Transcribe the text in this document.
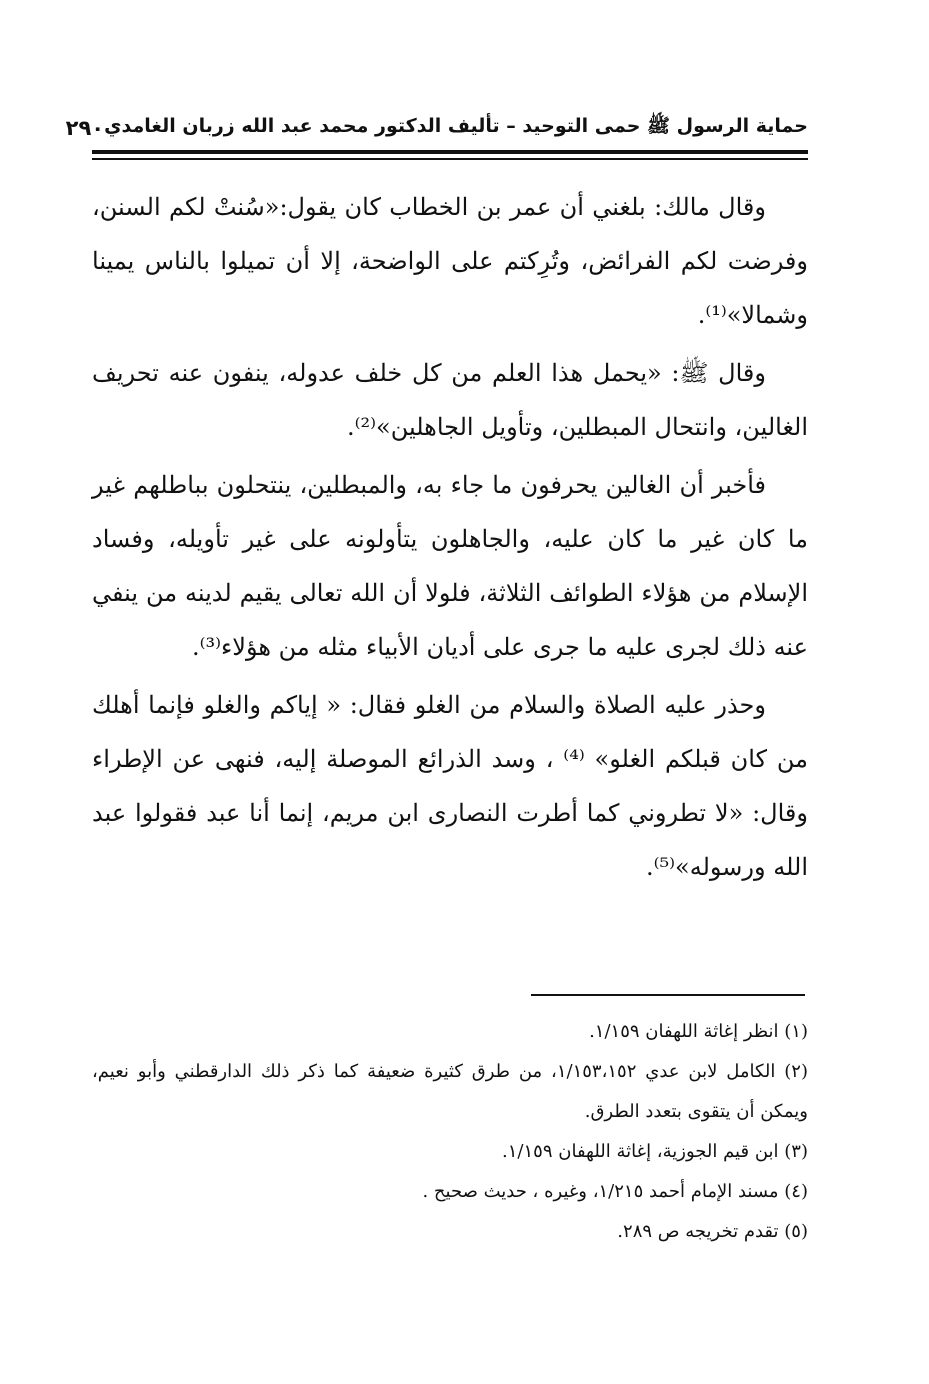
حماية الرسول ﷺ حمى التوحيد – تأليف الدكتور محمد عبد الله زربان الغامدي
٢٩٠

وقال مالك: بلغني أن عمر بن الخطاب كان يقول:«سُنتْ لكم السنن، وفرضت لكم الفرائض، وتُرِكتم على الواضحة، إلا أن تميلوا بالناس يمينا وشمالا»⁽¹⁾.

وقال ﷺ: «يحمل هذا العلم من كل خلف عدوله، ينفون عنه تحريف الغالين، وانتحال المبطلين، وتأويل الجاهلين»⁽²⁾.

فأخبر أن الغالين يحرفون ما جاء به، والمبطلين، ينتحلون بباطلهم غير ما كان غير ما كان عليه، والجاهلون يتأولونه على غير تأويله، وفساد الإسلام من هؤلاء الطوائف الثلاثة، فلولا أن الله تعالى يقيم لدينه من ينفي عنه ذلك لجرى عليه ما جرى على أديان الأبياء مثله من هؤلاء⁽³⁾.

وحذر عليه الصلاة والسلام من الغلو فقال: « إياكم والغلو فإنما أهلك من كان قبلكم الغلو» ⁽⁴⁾ ، وسد الذرائع الموصلة إليه، فنهى عن الإطراء وقال: «لا تطروني كما أطرت النصارى ابن مريم، إنما أنا عبد فقولوا عبد الله ورسوله»⁽⁵⁾.

(١) انظر إغاثة اللهفان ١/١٥٩.

(٢) الكامل لابن عدي ١/١٥٣،١٥٢، من طرق كثيرة ضعيفة كما ذكر ذلك الدارقطني وأبو نعيم، ويمكن أن يتقوى بتعدد الطرق.

(٣) ابن قيم الجوزية، إغاثة اللهفان ١/١٥٩.

(٤) مسند الإمام أحمد ١/٢١٥، وغيره ، حديث صحيح .

(٥) تقدم تخريجه ص ٢٨٩.
